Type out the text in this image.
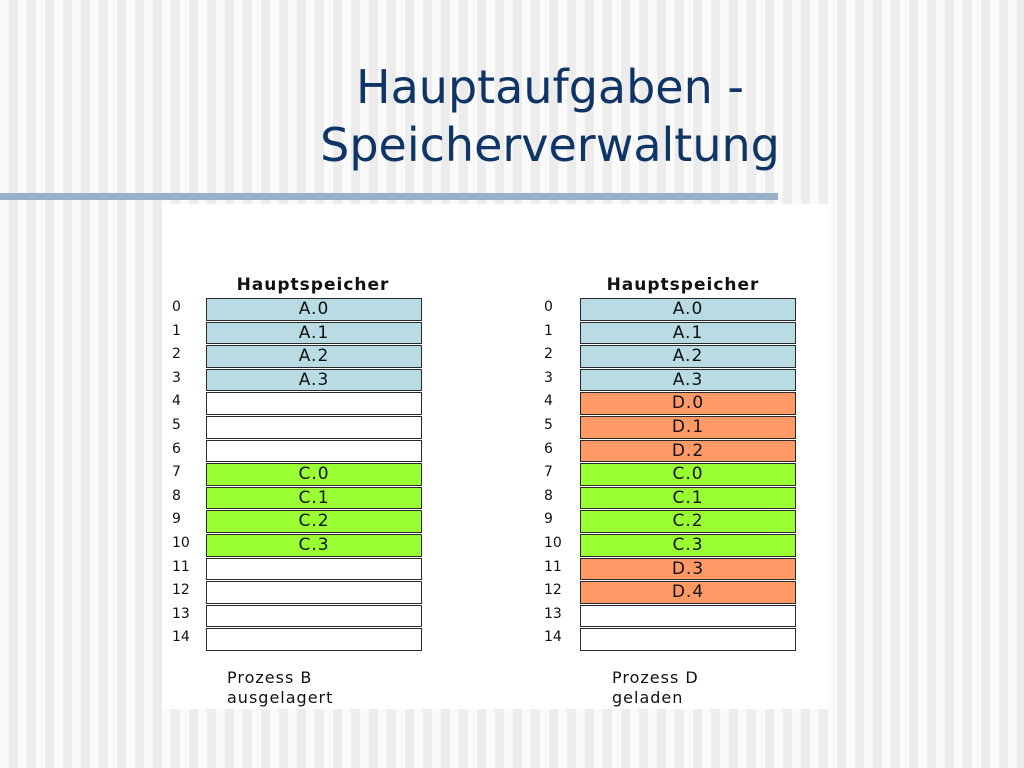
Hauptaufgaben -
Speicherverwaltung
Hauptspeicher
0	A.0
1	A.1
2	A.2
3	A.3
4
5
6
7	C.0
8	C.1
9	C.2
10	C.3
11
12
13
14
Prozess B
ausgelagert
Hauptspeicher
0	A.0
1	A.1
2	A.2
3	A.3
4	D.0
5	D.1
6	D.2
7	C.0
8	C.1
9	C.2
10	C.3
11	D.3
12	D.4
13
14
Prozess D
geladen
